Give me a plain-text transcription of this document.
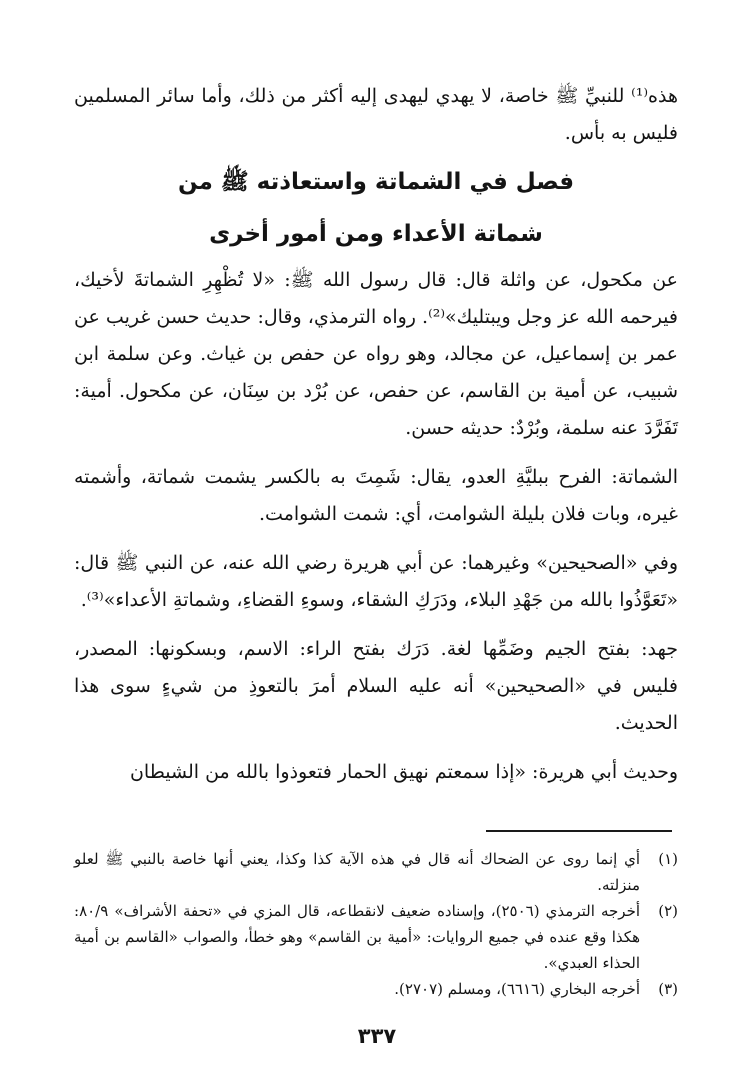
هذه⁽¹⁾ للنبيِّ ﷺ خاصة، لا يهدي ليهدى إليه أكثر من ذلك، وأما سائر المسلمين فليس به بأس.

فصل في الشماتة واستعاذته ﷺ من
شماتة الأعداء ومن أمور أخرى

عن مكحول، عن واثلة قال: قال رسول الله ﷺ: «لا تُظْهِرِ الشماتةَ لأخيك، فيرحمه الله عز وجل ويبتليك»⁽²⁾. رواه الترمذي، وقال: حديث حسن غريب عن عمر بن إسماعيل، عن مجالد، وهو رواه عن حفص بن غياث. وعن سلمة ابن شبيب، عن أمية بن القاسم، عن حفص، عن بُرْد بن سِنَان، عن مكحول. أمية: تَفَرَّدَ عنه سلمة، وبُرْدٌ: حديثه حسن.

الشماتة: الفرح ببليَّةِ العدو، يقال: شَمِتَ به بالكسر يشمت شماتة، وأشمته غيره، وبات فلان بليلة الشوامت، أي: شمت الشوامت.

وفي «الصحيحين» وغيرهما: عن أبي هريرة رضي الله عنه، عن النبي ﷺ قال: «تَعَوَّذُوا بالله من جَهْدِ البلاء، ودَرَكِ الشقاء، وسوءِ القضاءِ، وشماتةِ الأعداء»⁽³⁾.

جهد: بفتح الجيم وضَمِّها لغة. دَرَك بفتح الراء: الاسم، وبسكونها: المصدر، فليس في «الصحيحين» أنه عليه السلام أمرَ بالتعوذِ من شيءٍ سوى هذا الحديث.

وحديث أبي هريرة: «إذا سمعتم نهيق الحمار فتعوذوا بالله من الشيطان

(١)
أي إنما روى عن الضحاك أنه قال في هذه الآية كذا وكذا، يعني أنها خاصة بالنبي ﷺ لعلو منزلته.
(٢)
أخرجه الترمذي (٢٥٠٦)، وإسناده ضعيف لانقطاعه، قال المزي في «تحفة الأشراف» ٨٠/٩: هكذا وقع عنده في جميع الروايات: «أمية بن القاسم» وهو خطأ، والصواب «القاسم بن أمية الحذاء العبدي».
(٣)
أخرجه البخاري (٦٦١٦)، ومسلم (٢٧٠٧).
٣٣٧
